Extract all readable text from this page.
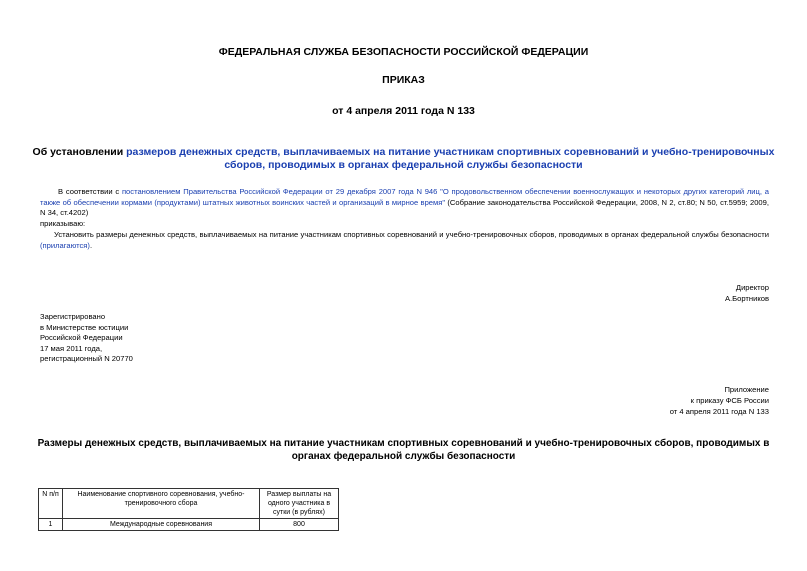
ФЕДЕРАЛЬНАЯ СЛУЖБА БЕЗОПАСНОСТИ РОССИЙСКОЙ ФЕДЕРАЦИИ
ПРИКАЗ
от 4 апреля 2011 года N 133
Об установлении размеров денежных средств, выплачиваемых на питание участникам спортивных соревнований и учебно-тренировочных сборов, проводимых в органах федеральной службы безопасности
В соответствии с постановлением Правительства Российской Федерации от 29 декабря 2007 года N 946 "О продовольственном обеспечении военнослужащих и некоторых других категорий лиц, а также об обеспечении кормами (продуктами) штатных животных воинских частей и организаций в мирное время" (Собрание законодательства Российской Федерации, 2008, N 2, ст.80; N 50, ст.5959; 2009, N 34, ст.4202)
приказываю:
Установить размеры денежных средств, выплачиваемых на питание участникам спортивных соревнований и учебно-тренировочных сборов, проводимых в органах федеральной службы безопасности (прилагаются).
Директор
А.Бортников
Зарегистрировано
в Министерстве юстиции
Российской Федерации
17 мая 2011 года,
регистрационный N 20770
Приложение
к приказу ФСБ России
от 4 апреля 2011 года N 133
Размеры денежных средств, выплачиваемых на питание участникам спортивных соревнований и учебно-тренировочных сборов, проводимых в органах федеральной службы безопасности
N п/п	Наименование спортивного соревнования, учебно-тренировочного сбора	Размер выплаты на одного участника в сутки (в рублях)
1	Международные соревнования	800
